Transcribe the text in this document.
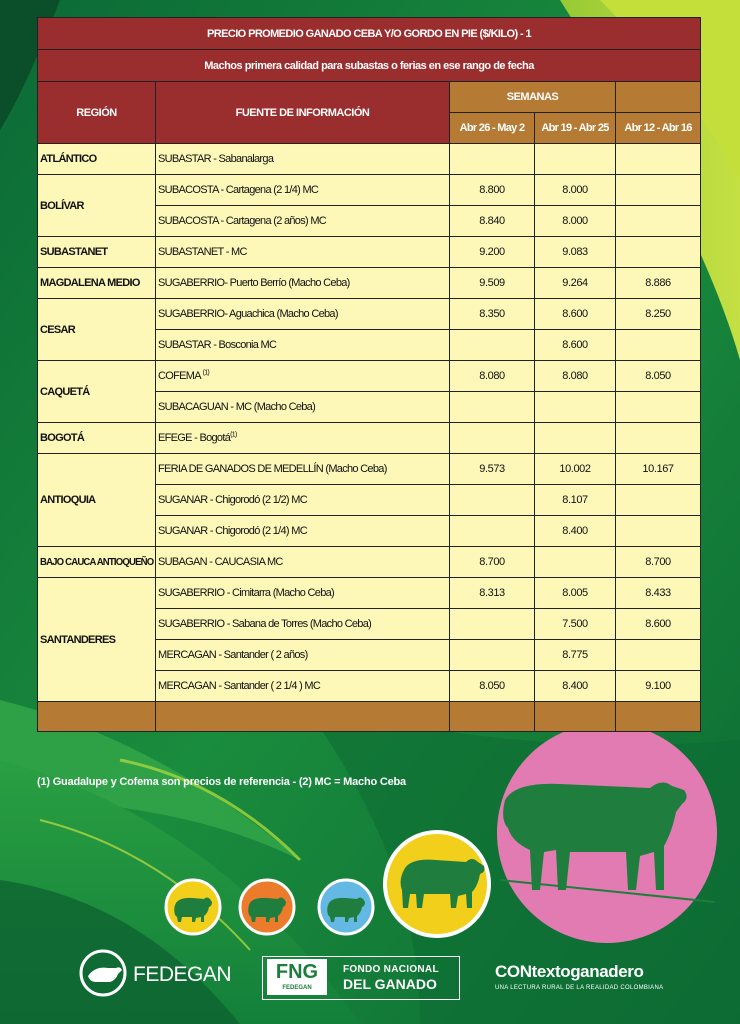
PRECIO PROMEDIO GANADO CEBA Y/O GORDO EN PIE ($/KILO) - 1				
Machos primera calidad para subastas o ferias en ese rango de fecha				
REGIÓN	FUENTE DE INFORMACIÓN	SEMANAS		
		Abr 26 - May 2	Abr 19 - Abr 25	Abr 12 - Abr 16
ATLÁNTICO	SUBASTAR - Sabanalarga			
BOLÍVAR	SUBACOSTA - Cartagena (2 1/4) MC	8.800	8.000	
	SUBACOSTA - Cartagena (2 años) MC	8.840	8.000	
SUBASTANET	SUBASTANET - MC	9.200	9.083	
MAGDALENA MEDIO	SUGABERRIO- Puerto Berrío (Macho Ceba)	9.509	9.264	8.886
CESAR	SUGABERRIO- Aguachica (Macho Ceba)	8.350	8.600	8.250
	SUBASTAR - Bosconia MC		8.600	
CAQUETÁ	COFEMA $^{(1)}$	8.080	8.080	8.050
	SUBACAGUAN - MC (Macho Ceba)			
BOGOTÁ	EFEGE - Bogotá$^{(1)}$			
ANTIOQUIA	FERIA DE GANADOS DE MEDELLÍN (Macho Ceba)	9.573	10.002	10.167
	SUGANAR - Chigorodó (2 1/2) MC		8.107	
	SUGANAR - Chigorodó (2 1/4) MC		8.400	
BAJO CAUCA ANTIOQUEÑO	SUBAGAN - CAUCASIA MC	8.700		8.700
SANTANDERES	SUGABERRIO - Cimitarra (Macho Ceba)	8.313	8.005	8.433
	SUGABERRIO - Sabana de Torres (Macho Ceba)		7.500	8.600
	MERCAGAN - Santander ( 2 años)		8.775	
	MERCAGAN - Santander ( 2 1/4 ) MC	8.050	8.400	9.100

(1) Guadalupe y Cofema son precios de referencia - (2) MC = Macho Ceba
FEDEGAN	FNG
FEDEGAN
FONDO NACIONAL
DEL GANADO
CONtextoganadero
UNA LECTURA RURAL DE LA REALIDAD COLOMBIANA
